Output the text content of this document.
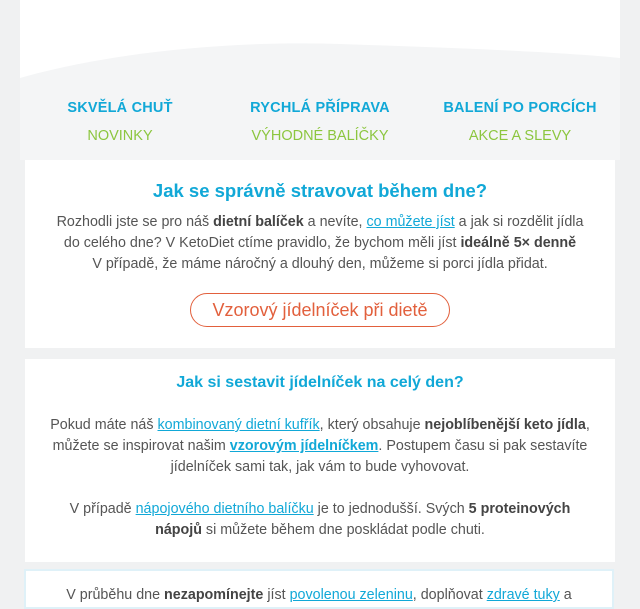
SKVĚLÁ CHUŤ
NOVINKY
RYCHLÁ PŘÍPRAVA
VÝHODNÉ BALÍČKY
BALENÍ PO PORCÍCH
AKCE A SLEVY
Jak se správně stravovat během dne?

Rozhodli jste se pro náš dietní balíček a nevíte, co můžete jíst a jak si rozdělit jídla do celého dne? V KetoDiet ctíme pravidlo, že bychom měli jíst ideálně 5× denně
V případě, že máme náročný a dlouhý den, můžeme si porci jídla přidat.

Vzorový jídelníček při dietě
Jak si sestavit jídelníček na celý den?

Pokud máte náš kombinovaný dietní kufřík, který obsahuje nejoblíbenější keto jídla, můžete se inspirovat našim vzorovým jídelníčkem. Postupem času si pak sestavíte jídelníček sami tak, jak vám to bude vyhovovat.

V případě nápojového dietního balíčku je to jednodušší. Svých 5 proteinových nápojů si můžete během dne poskládat podle chuti.

V průběhu dne nezapomínejte jíst povolenou zeleninu, doplňovat zdravé tuky a
